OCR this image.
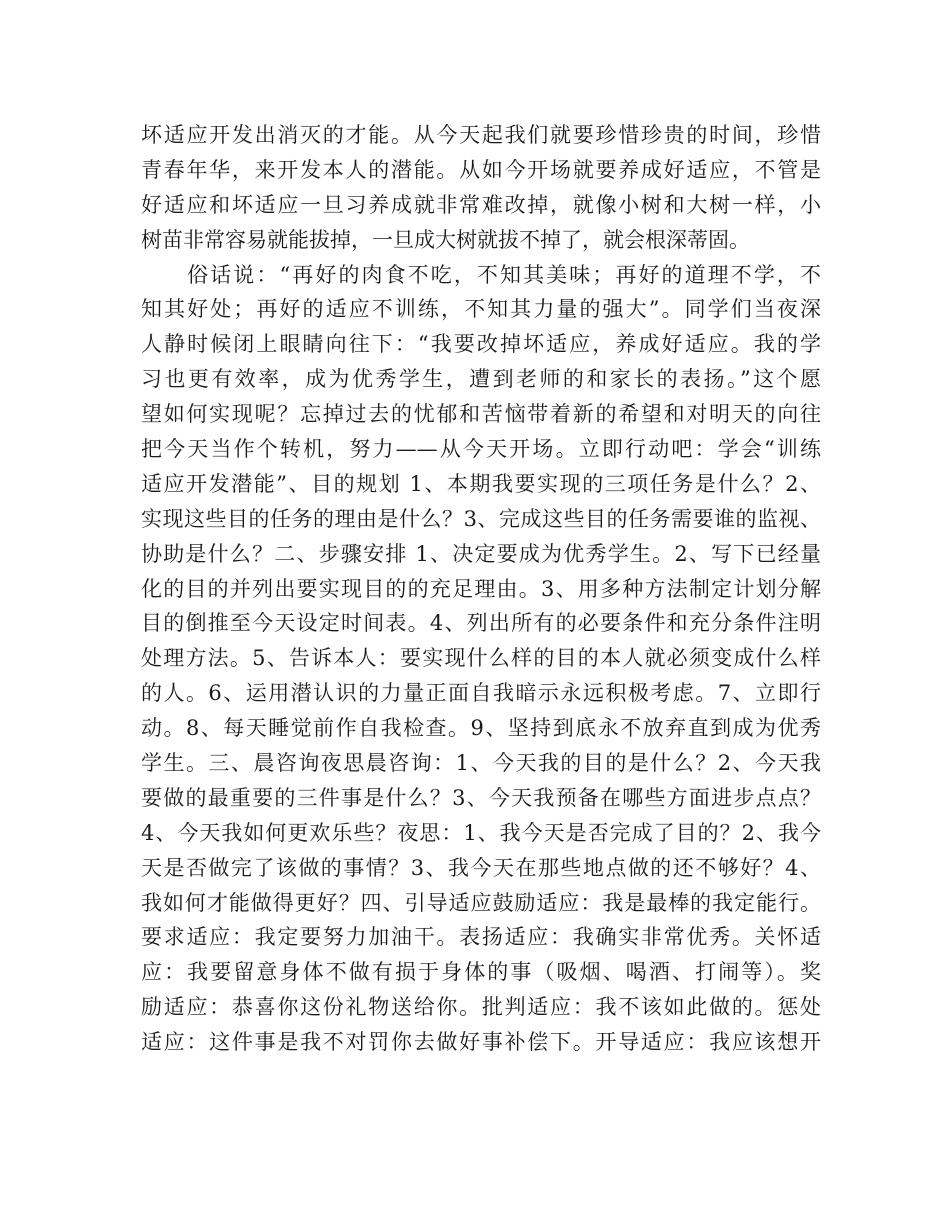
坏适应开发出消灭的才能。从今天起我们就要珍惜珍贵的时间，珍惜
青春年华，来开发本人的潜能。从如今开场就要养成好适应，不管是
好适应和坏适应一旦习养成就非常难改掉，就像小树和大树一样，小
树苗非常容易就能拔掉，一旦成大树就拔不掉了，就会根深蒂固。
　　俗话说：“再好的肉食不吃，不知其美味；再好的道理不学，不
知其好处；再好的适应不训练，不知其力量的强大”。同学们当夜深
人静时候闭上眼睛向往下：“我要改掉坏适应，养成好适应。我的学
习也更有效率，成为优秀学生，遭到老师的和家长的表扬。”这个愿
望如何实现呢？忘掉过去的忧郁和苦恼带着新的希望和对明天的向往
把今天当作个转机，努力——从今天开场。立即行动吧：学会“训练
适应开发潜能”、目的规划 1、本期我要实现的三项任务是什么？2、
实现这些目的任务的理由是什么？3、完成这些目的任务需要谁的监视、
协助是什么？二、步骤安排 1、决定要成为优秀学生。2、写下已经量
化的目的并列出要实现目的的充足理由。3、用多种方法制定计划分解
目的倒推至今天设定时间表。4、列出所有的必要条件和充分条件注明
处理方法。5、告诉本人：要实现什么样的目的本人就必须变成什么样
的人。6、运用潜认识的力量正面自我暗示永远积极考虑。7、立即行
动。8、每天睡觉前作自我检查。9、坚持到底永不放弃直到成为优秀
学生。三、晨咨询夜思晨咨询：1、今天我的目的是什么？2、今天我
要做的最重要的三件事是什么？3、今天我预备在哪些方面进步点点？
4、今天我如何更欢乐些？夜思：1、我今天是否完成了目的？2、我今
天是否做完了该做的事情？3、我今天在那些地点做的还不够好？4、
我如何才能做得更好？四、引导适应鼓励适应：我是最棒的我定能行。
要求适应：我定要努力加油干。表扬适应：我确实非常优秀。关怀适
应：我要留意身体不做有损于身体的事（吸烟、喝酒、打闹等）。奖
励适应：恭喜你这份礼物送给你。批判适应：我不该如此做的。惩处
适应：这件事是我不对罚你去做好事补偿下。开导适应：我应该想开
